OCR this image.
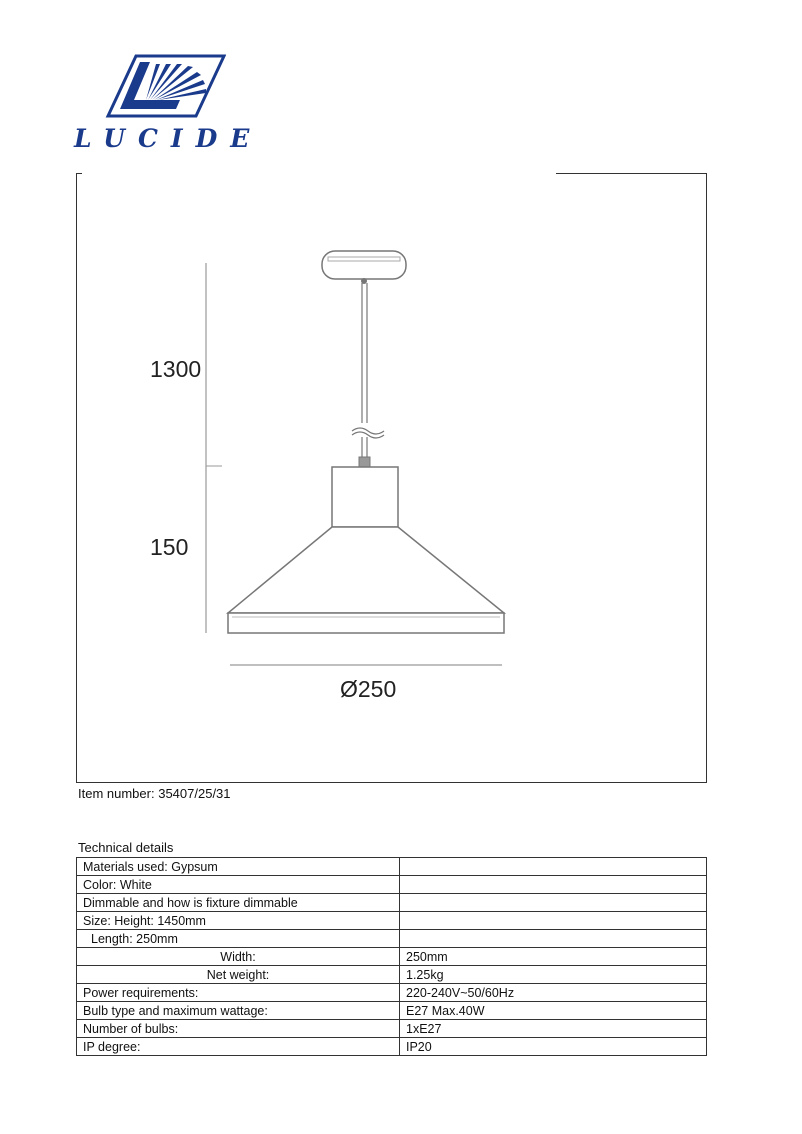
LUCIDE
1300
150
Ø250
Item number: 35407/25/31
Technical details
Materials used: Gypsum	
Color: White	
Dimmable and how is fixture dimmable	
Size: Height: 1450mm	
Length: 250mm	
Width:	250mm
Net weight:	1.25kg
Power requirements:	220-240V~50/60Hz
Bulb type and maximum wattage:	E27 Max.40W
Number of bulbs:	1xE27
IP degree:	IP20
